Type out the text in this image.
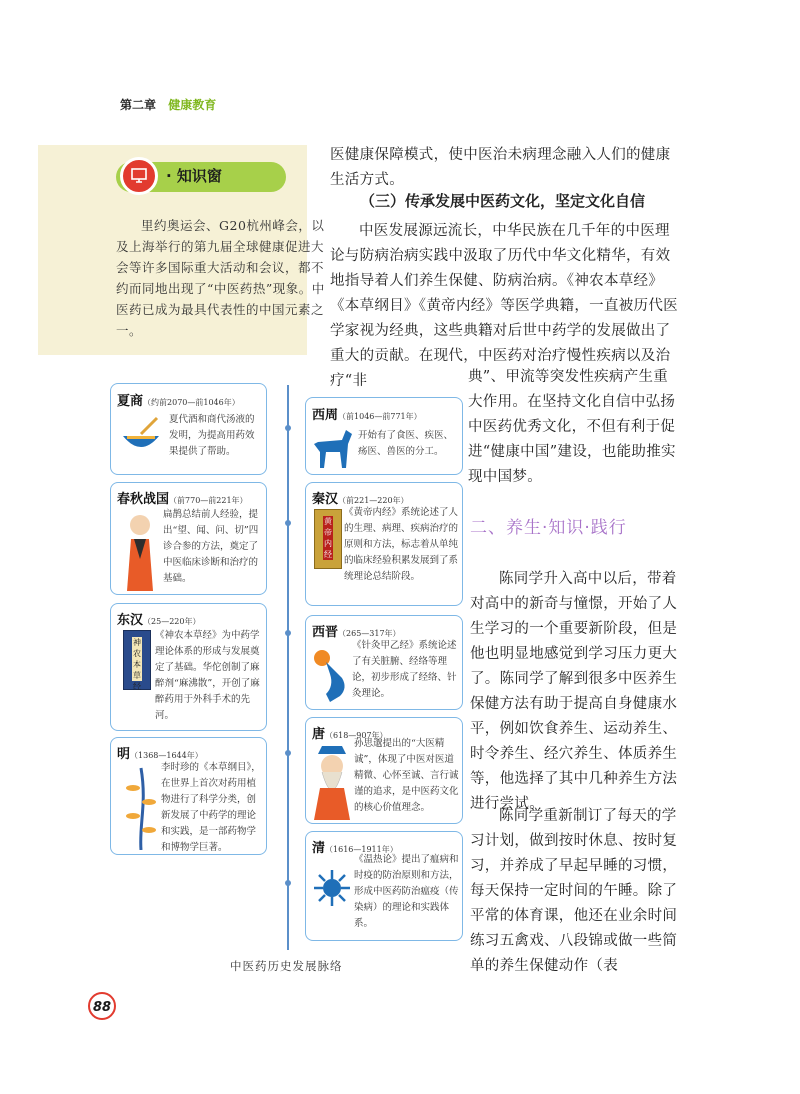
第二章 健康教育
· 知识窗
里约奥运会、G20杭州峰会，以及上海举行的第九届全球健康促进大会等许多国际重大活动和会议，都不约而同地出现了“中医药热”现象。中医药已成为最具代表性的中国元素之一。
医健康保障模式，使中医治未病理念融入人们的健康生活方式。
（三）传承发展中医药文化，坚定文化自信
中医发展源远流长，中华民族在几千年的中医理论与防病治病实践中汲取了历代中华文化精华，有效地指导着人们养生保健、防病治病。《神农本草经》《本草纲目》《黄帝内经》等医学典籍，一直被历代医学家视为经典，这些典籍对后世中药学的发展做出了重大的贡献。在现代，中医药对治疗慢性疾病以及治疗“非	典”、甲流等突发性疾病产生重大作用。在坚持文化自信中弘扬中医药优秀文化，不但有利于促进“健康中国”建设，也能助推实现中国梦。
二、养生·知识·践行
陈同学升入高中以后，带着对高中的新奇与憧憬，开始了人生学习的一个重要新阶段，但是他也明显地感觉到学习压力更大了。陈同学了解到很多中医养生保健方法有助于提高自身健康水平，例如饮食养生、运动养生、时令养生、经穴养生、体质养生等，他选择了其中几种养生方法进行尝试。
陈同学重新制订了每天的学习计划，做到按时休息、按时复习，并养成了早起早睡的习惯，每天保持一定时间的午睡。除了平常的体育课，他还在业余时间练习五禽戏、八段锦或做一些简单的养生保健动作（表
夏商（约前2070—前1046年）
夏代酒和商代汤液的发明，为提高用药效果提供了帮助。
春秋战国（前770—前221年）
扁鹊总结前人经验，提出“望、闻、问、切”四诊合参的方法，奠定了中医临床诊断和治疗的基础。
东汉（25—220年）
神农本草经
《神农本草经》为中药学理论体系的形成与发展奠定了基础。华佗创制了麻醉剂“麻沸散”，开创了麻醉药用于外科手术的先河。
明（1368—1644年）
李时珍的《本草纲目》，在世界上首次对药用植物进行了科学分类，创新发展了中药学的理论和实践，是一部药物学和博物学巨著。
西周（前1046—前771年）
开始有了食医、疾医、疡医、兽医的分工。
秦汉（前221—220年）
黄帝内经
《黄帝内经》系统论述了人的生理、病理、疾病治疗的原则和方法，标志着从单纯的临床经验积累发展到了系统理论总结阶段。
西晋（265—317年）
《针灸甲乙经》系统论述了有关脏腑、经络等理论，初步形成了经络、针灸理论。
唐（618—907年）
孙思邈提出的“大医精诚”，体现了中医对医道精微、心怀至诚、言行诚谨的追求，是中医药文化的核心价值理念。
清（1616—1911年）
《温热论》提出了瘟病和时疫的防治原则和方法，形成中医药防治瘟疫（传染病）的理论和实践体系。
中医药历史发展脉络
88
